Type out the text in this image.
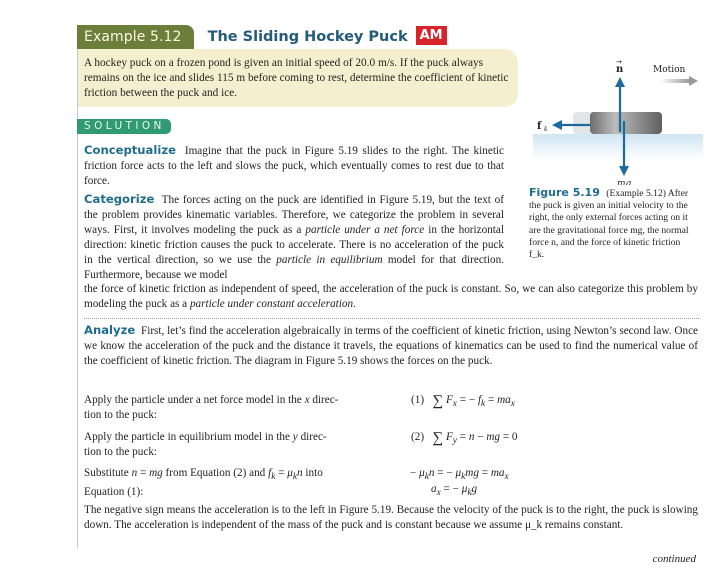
Example 5.12	The Sliding Hockey Puck AM
A hockey puck on a frozen pond is given an initial speed of 20.0 m/s. If the puck always remains on the ice and slides 115 m before coming to rest, determine the coefficient of kinetic friction between the puck and ice.
SOLUTION
Conceptualize Imagine that the puck in Figure 5.19 slides to the right. The kinetic friction force acts to the left and slows the puck, which eventually comes to rest due to that force.
Categorize The forces acting on the puck are identified in Figure 5.19, but the text of the problem provides kinematic variables. Therefore, we categorize the problem in several ways. First, it involves modeling the puck as a particle under a net force in the horizontal direction: kinetic friction causes the puck to accelerate. There is no acceleration of the puck in the vertical direction, so we use the particle in equilibrium model for that direction. Furthermore, because we model
the force of kinetic friction as independent of speed, the acceleration of the puck is constant. So, we can also categorize this problem by modeling the puck as a particle under constant acceleration.
Analyze First, let’s find the acceleration algebraically in terms of the coefficient of kinetic friction, using Newton’s second law. Once we know the acceleration of the puck and the distance it travels, the equations of kinematics can be used to find the numerical value of the coefficient of kinetic friction. The diagram in Figure 5.19 shows the forces on the puck.
Apply the particle under a net force model in the x direc-
tion to the puck:
(1) ∑ $F_x$ = − $f_k = ma_x$
Apply the particle in equilibrium model in the y direc-
tion to the puck:
(2) ∑ $F_y = n$ − mg = 0
Substitute n = mg from Equation (2) and $f_k = \mu_kn$ into
Equation (1):
− $\mu_kn$ = − $\mu_kmg = ma_x$
$a_x$ = − $\mu_kg$
The negative sign means the acceleration is to the left in Figure 5.19. Because the velocity of the puck is to the right, the puck is slowing down. The acceleration is independent of the mass of the puck and is constant because we assume μ_k remains constant.
continued
n
→
mg
f k
Motion
Figure 5.19 (Example 5.12) After the puck is given an initial velocity to the right, the only external forces acting on it are the gravitational force mg, the normal force n, and the force of kinetic friction f_k.
